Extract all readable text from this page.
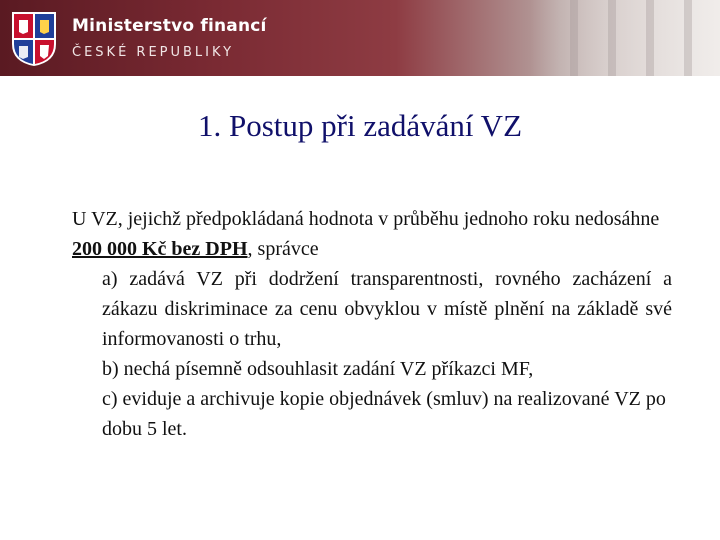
Ministerstvo financí
ČESKÉ REPUBLIKY
1. Postup při zadávání VZ

U VZ, jejichž předpokládaná hodnota v průběhu jednoho roku nedosáhne 200 000 Kč bez DPH, správce

a) zadává VZ při dodržení transparentnosti, rovného zacházení a zákazu diskriminace za cenu obvyklou v místě plnění na základě své informovanosti o trhu,

b) nechá písemně odsouhlasit zadání VZ příkazci MF,

c) eviduje a archivuje kopie objednávek (smluv) na realizované VZ po dobu 5 let.
